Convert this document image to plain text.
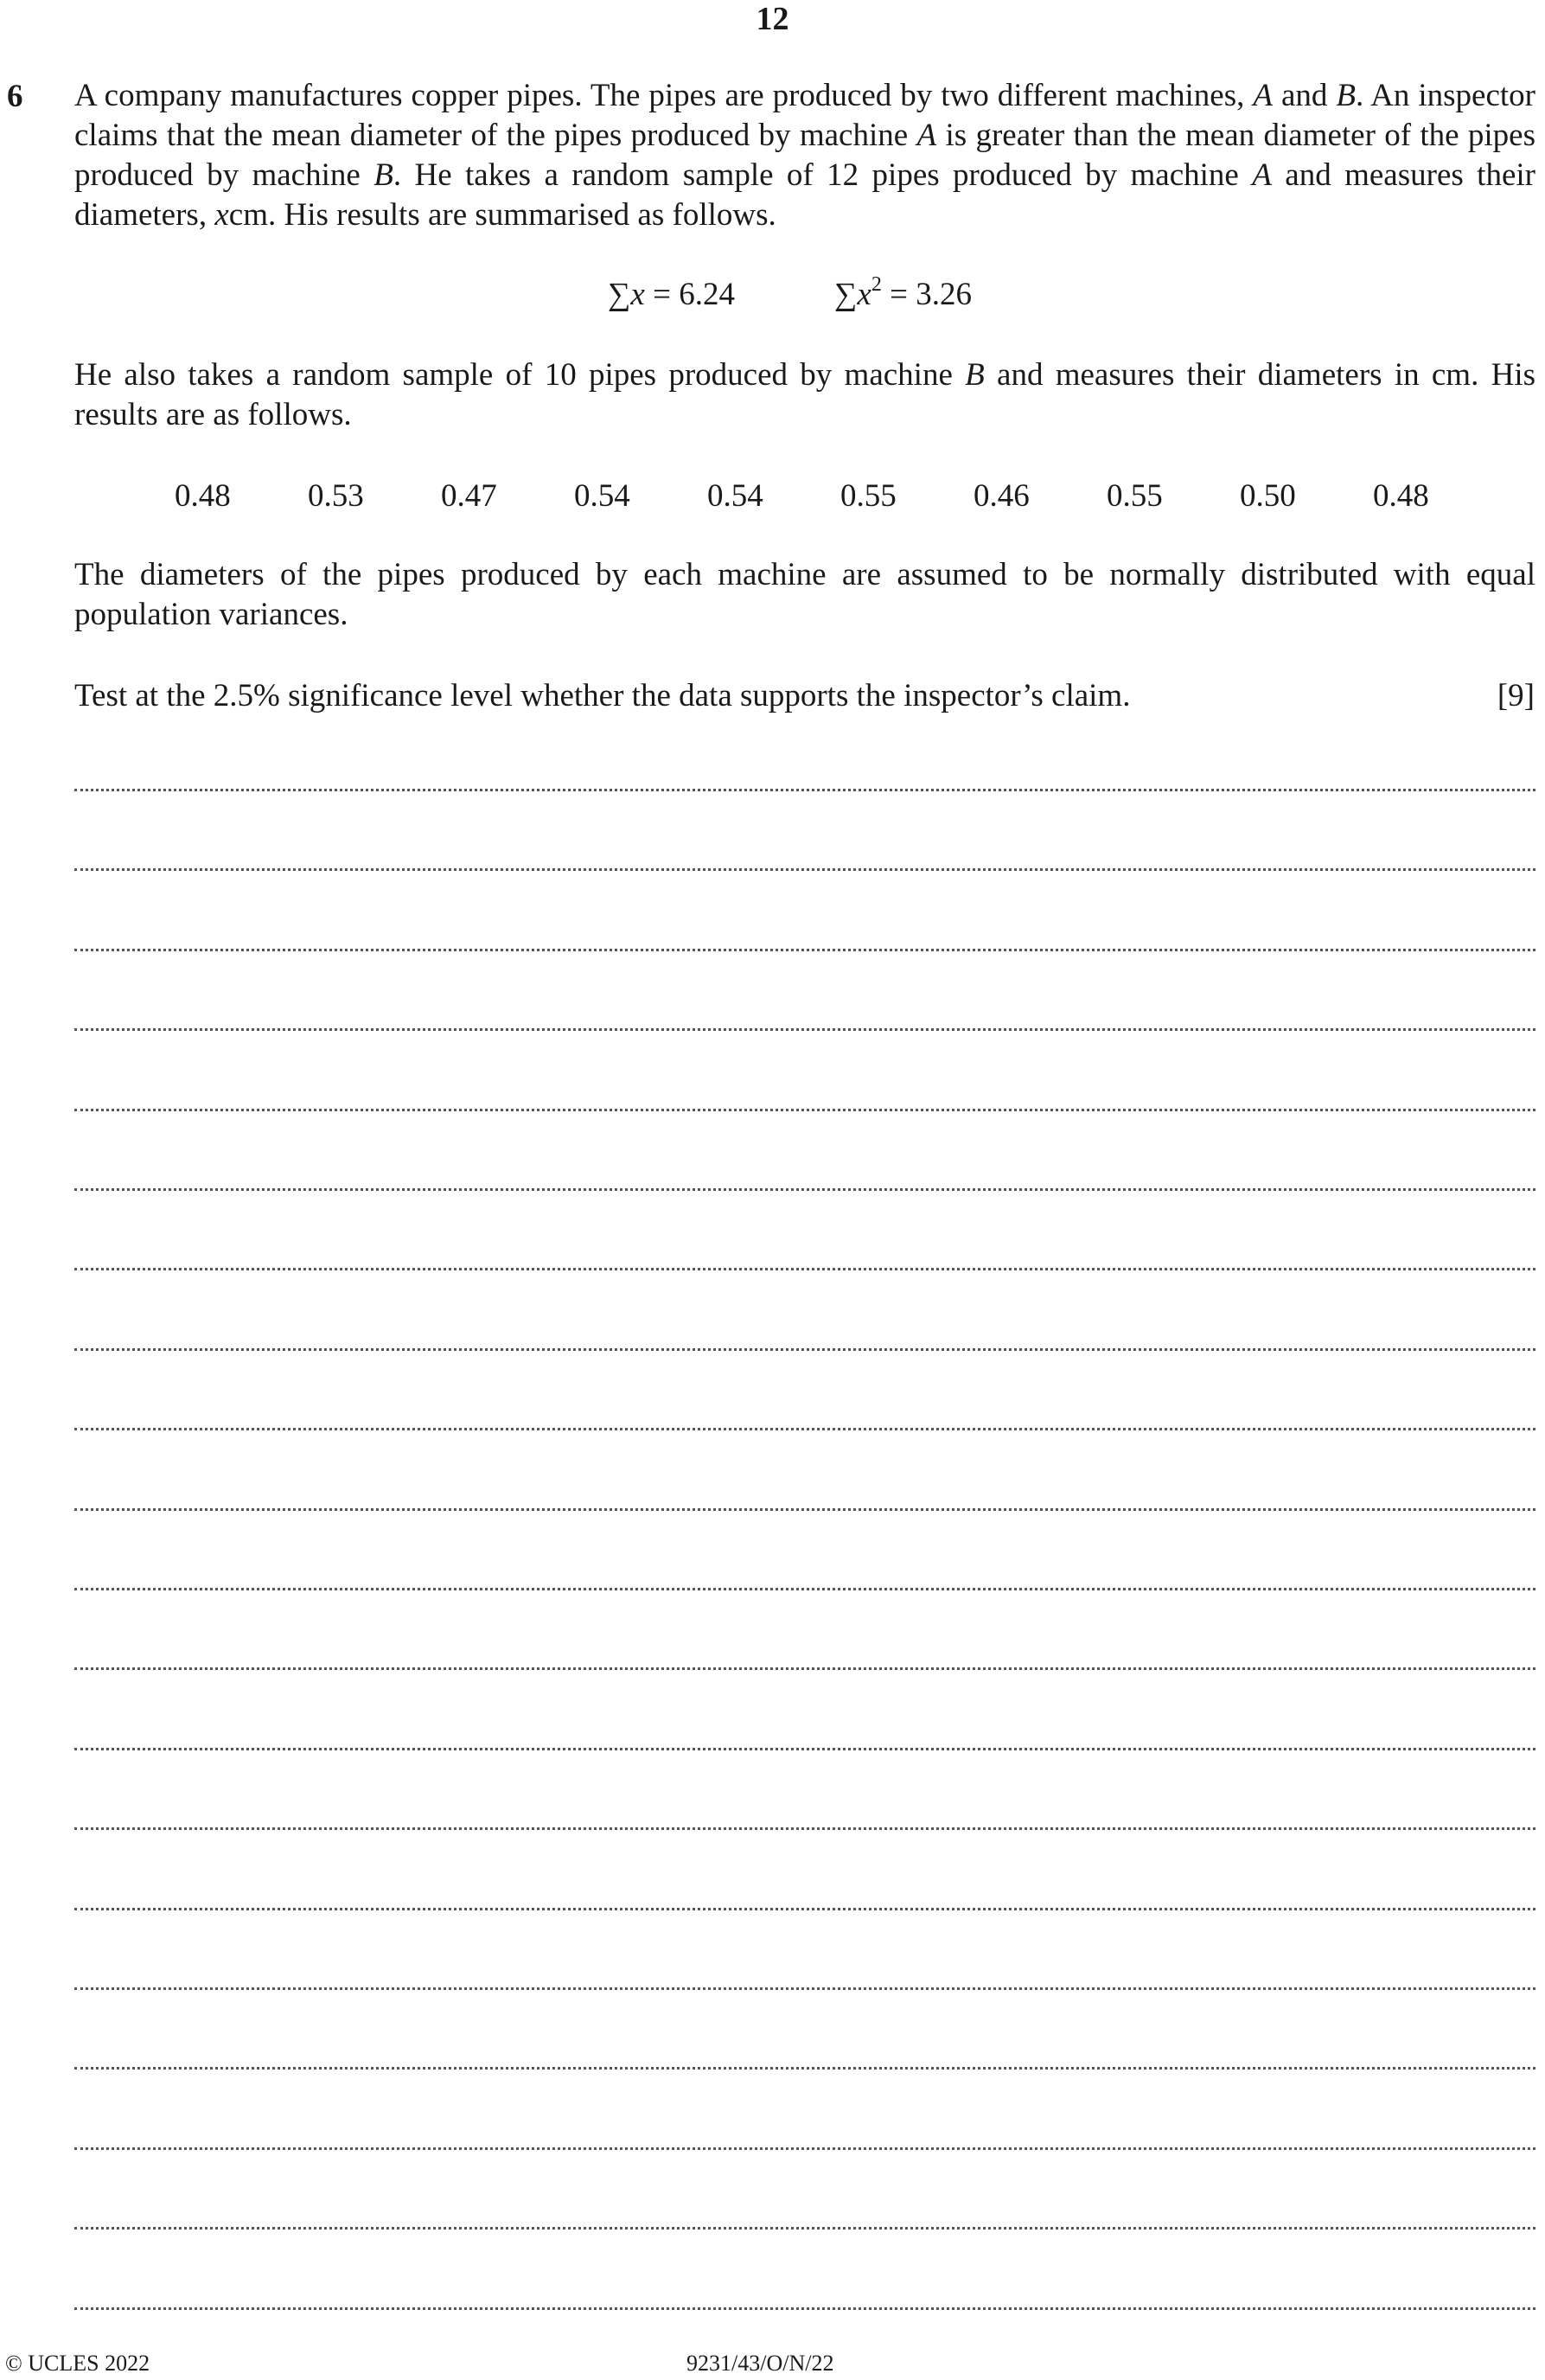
12
6 A company manufactures copper pipes. The pipes are produced by two different machines, A and B. An inspector claims that the mean diameter of the pipes produced by machine A is greater than the mean diameter of the pipes produced by machine B. He takes a random sample of 12 pipes produced by machine A and measures their diameters, xcm. His results are summarised as follows.
∑x = 6.24	$\sum x^2 = 3.26$
He also takes a random sample of 10 pipes produced by machine B and measures their diameters in cm. His results are as follows.
0.48 0.53 0.47 0.54 0.54 0.55 0.46 0.55 0.50 0.48
The diameters of the pipes produced by each machine are assumed to be normally distributed with equal population variances.
Test at the 2.5% significance level whether the data supports the inspector’s claim.	[9]
© UCLES 2022	9231/43/O/N/22
